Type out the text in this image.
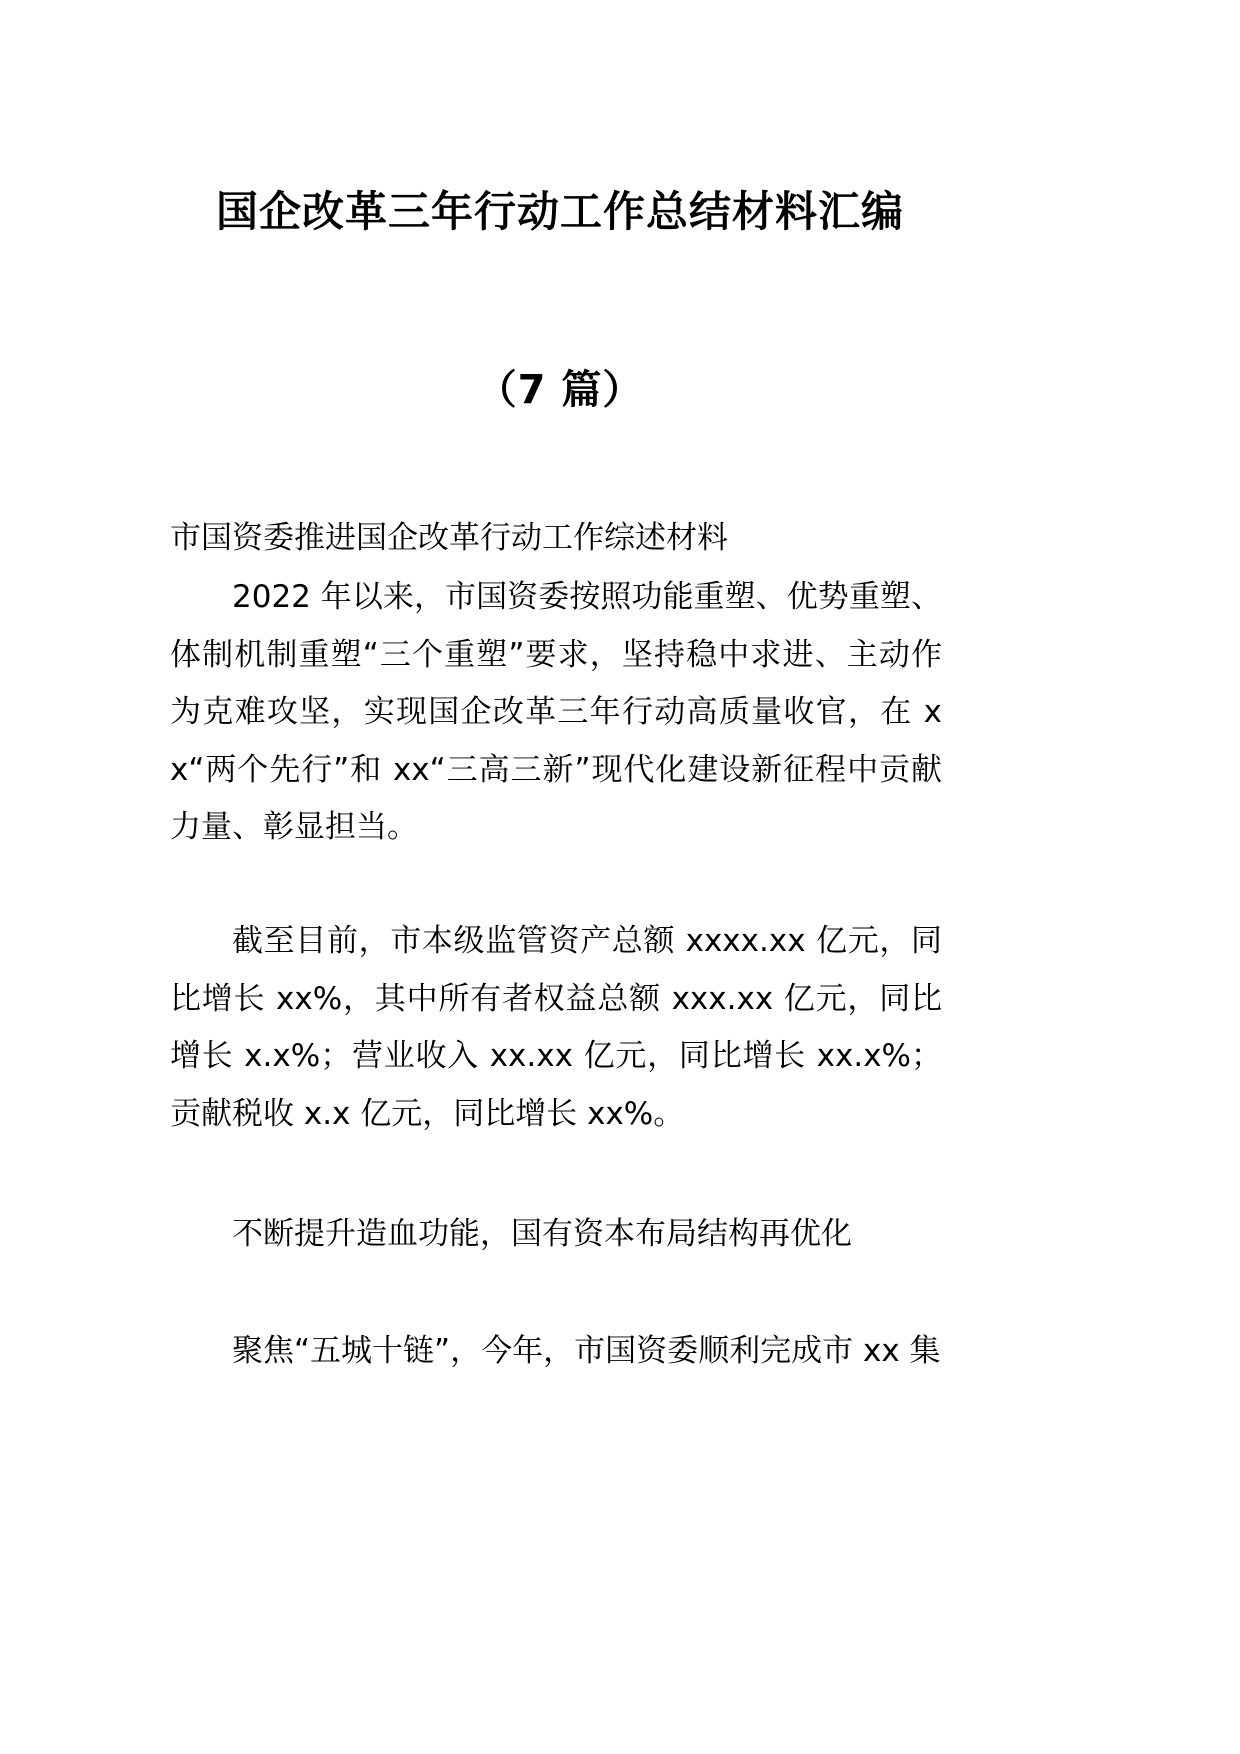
国企改革三年行动工作总结材料汇编
（7 篇）
市国资委推进国企改革行动工作综述材料
2022 年以来，市国资委按照功能重塑、优势重塑、体制机制重塑“三个重塑”要求，坚持稳中求进、主动作为克难攻坚，实现国企改革三年行动高质量收官，在 xx“两个先行”和 xx“三高三新”现代化建设新征程中贡献力量、彰显担当。
截至目前，市本级监管资产总额 xxxx.xx 亿元，同比增长 xx%，其中所有者权益总额 xxx.xx 亿元，同比增长 x.x%；营业收入 xx.xx 亿元，同比增长 xx.x%；贡献税收 x.x 亿元，同比增长 xx%。
不断提升造血功能，国有资本布局结构再优化
聚焦“五城十链”，今年，市国资委顺利完成市 xx 集
